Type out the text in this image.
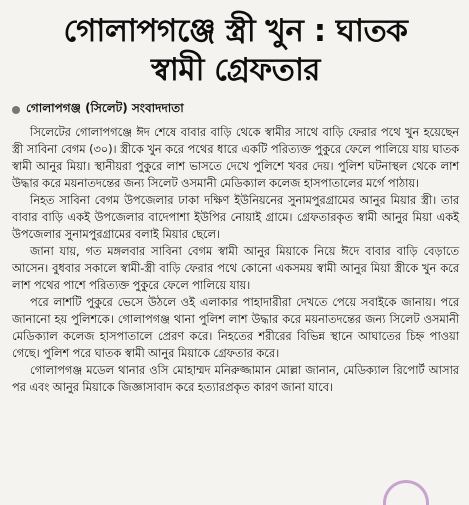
গোলাপগঞ্জে স্ত্রী খুন : ঘাতক
স্বামী গ্রেফতার
গোলাপগঞ্জ (সিলেট) সংবাদদাতা

সিলেটের গোলাপগঞ্জে ঈদ শেষে বাবার বাড়ি থেকে স্বামীর সাথে বাড়ি ফেরার পথে খুন হয়েছেন স্ত্রী সাবিনা বেগম (৩০)। স্ত্রীকে খুন করে পথের ধারে একটি পরিত্যক্ত পুকুরে ফেলে পালিয়ে যায় ঘাতক স্বামী আনুর মিয়া। স্থানীয়রা পুকুরে লাশ ভাসতে দেখে পুলিশে খবর দেয়। পুলিশ ঘটনাস্থল থেকে লাশ উদ্ধার করে ময়নাতদন্তের জন্য সিলেট ওসমানী মেডিক্যাল কলেজ হাসপাতালের মর্গে পাঠায়।

নিহত সাবিনা বেগম উপজেলার ঢাকা দক্ষিণ ইউনিয়নের সুনামপুরগ্রামের আনুর মিয়ার স্ত্রী। তার বাবার বাড়ি একই উপজেলার বাদেপাশা ইউপির নোয়াই গ্রামে। গ্রেফতারকৃত স্বামী আনুর মিয়া একই উপজেলার সুনামপুরগ্রামের বলাই মিয়ার ছেলে।

জানা যায়, গত মঙ্গলবার সাবিনা বেগম স্বামী আনুর মিয়াকে নিয়ে ঈদে বাবার বাড়ি বেড়াতে আসেন। বুধবার সকালে স্বামী-স্ত্রী বাড়ি ফেরার পথে কোনো একসময় স্বামী আনুর মিয়া স্ত্রীকে খুন করে লাশ পথের পাশে পরিত্যক্ত পুকুরে ফেলে পালিয়ে যায়।

পরে লাশটি পুকুরে ভেসে উঠলে ওই এলাকার পাহাদারীরা দেখতে পেয়ে সবাইকে জানায়। পরে জানানো হয় পুলিশকে। গোলাপগঞ্জ থানা পুলিশ লাশ উদ্ধার করে ময়নাতদন্তের জন্য সিলেট ওসমানী মেডিক্যাল কলেজ হাসপাতালে প্রেরণ করে। নিহতের শরীরের বিভিন্ন স্থানে আঘাতের চিহ্ন পাওয়া গেছে। পুলিশ পরে ঘাতক স্বামী আনুর মিয়াকে গ্রেফতার করে।

গোলাপগঞ্জ মডেল থানার ওসি মোহাম্মদ মনিরুজ্জামান মোল্লা জানান, মেডিক্যাল রিপোর্ট আসার পর এবং আনুর মিয়াকে জিজ্ঞাসাবাদ করে হত্যারপ্রকৃত কারণ জানা যাবে।
